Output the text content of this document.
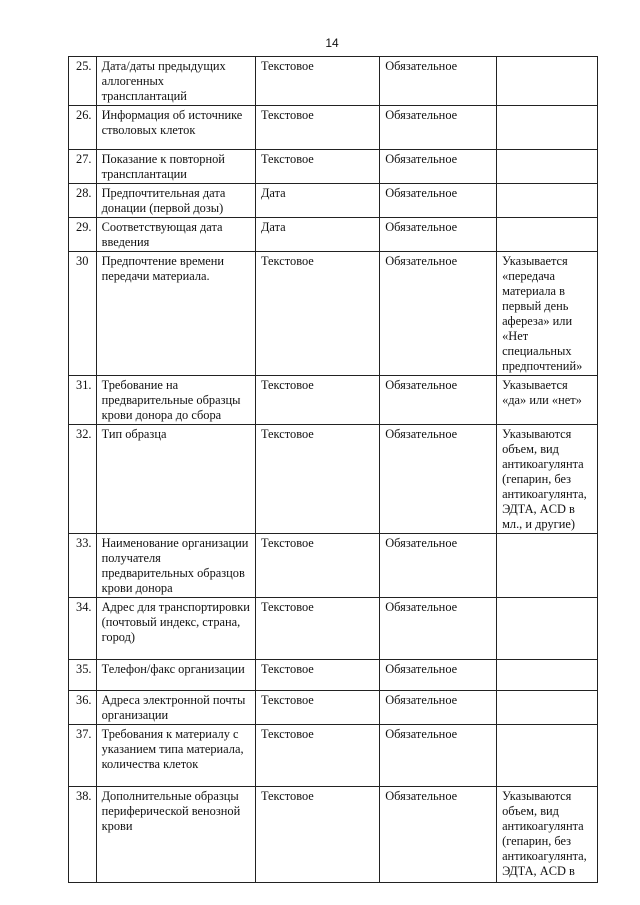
14
25.	Дата/даты предыдущих аллогенных трансплантаций	Текстовое	Обязательное	
26.	Информация об источнике стволовых клеток	Текстовое	Обязательное	
27.	Показание к повторной трансплантации	Текстовое	Обязательное	
28.	Предпочтительная дата донации (первой дозы)	Дата	Обязательное	
29.	Соответствующая дата введения	Дата	Обязательное	
30	Предпочтение времени передачи материала.	Текстовое	Обязательное	Указывается «передача материала в первый день афереза» или «Нет специальных предпочтений»
31.	Требование на предварительные образцы крови донора до сбора	Текстовое	Обязательное	Указывается «да» или «нет»
32.	Тип образца	Текстовое	Обязательное	Указываются объем, вид антикоагулянта (гепарин, без антикоагулянта, ЭДТА, ACD в мл., и другие)
33.	Наименование организации получателя предварительных образцов крови донора	Текстовое	Обязательное	
34.	Адрес для транспортировки (почтовый индекс, страна, город)	Текстовое	Обязательное	
35.	Телефон/факс организации	Текстовое	Обязательное	
36.	Адреса электронной почты организации	Текстовое	Обязательное	
37.	Требования к материалу с указанием типа материала, количества клеток	Текстовое	Обязательное	
38.	Дополнительные образцы периферической венозной крови	Текстовое	Обязательное	Указываются объем, вид антикоагулянта (гепарин, без антикоагулянта, ЭДТА, ACD в
